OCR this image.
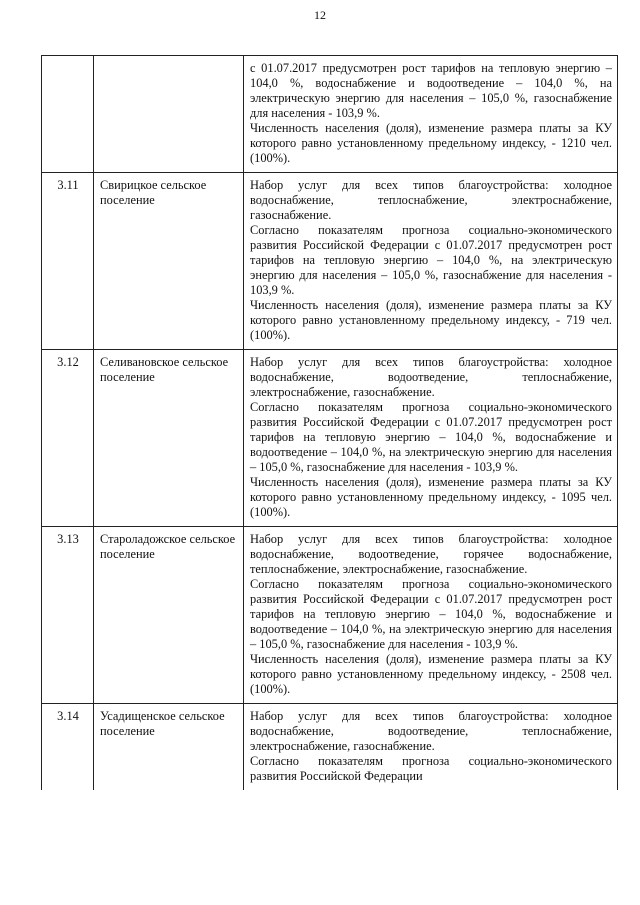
12

		с 01.07.2017 предусмотрен рост тарифов на тепловую энергию – 104,0 %, водоснабжение и водоотведение – 104,0 %, на электрическую энергию для населения – 105,0 %, газоснабжение для населения - 103,9 %.

Численность населения (доля), изменение размера платы за КУ которого равно установленному предельному индексу, - 1210 чел. (100%).

3.11	Свирицкое сельское поселение	Набор услуг для всех типов благоустройства: холодное водоснабжение, теплоснабжение, электроснабжение, газоснабжение.

Согласно показателям прогноза социально-экономического развития Российской Федерации с 01.07.2017 предусмотрен рост тарифов на тепловую энергию – 104,0 %, на электрическую энергию для населения – 105,0 %, газоснабжение для населения - 103,9 %.

Численность населения (доля), изменение размера платы за КУ которого равно установленному предельному индексу, - 719 чел. (100%).

3.12	Селивановское сельское поселение	Набор услуг для всех типов благоустройства: холодное водоснабжение, водоотведение, теплоснабжение, электроснабжение, газоснабжение.

Согласно показателям прогноза социально-экономического развития Российской Федерации с 01.07.2017 предусмотрен рост тарифов на тепловую энергию – 104,0 %, водоснабжение и водоотведение – 104,0 %, на электрическую энергию для населения – 105,0 %, газоснабжение для населения - 103,9 %.

Численность населения (доля), изменение размера платы за КУ которого равно установленному предельному индексу, - 1095 чел. (100%).

3.13	Староладожское сельское поселение	Набор услуг для всех типов благоустройства: холодное водоснабжение, водоотведение, горячее водоснабжение, теплоснабжение, электроснабжение, газоснабжение.

Согласно показателям прогноза социально-экономического развития Российской Федерации с 01.07.2017 предусмотрен рост тарифов на тепловую энергию – 104,0 %, водоснабжение и водоотведение – 104,0 %, на электрическую энергию для населения – 105,0 %, газоснабжение для населения - 103,9 %.

Численность населения (доля), изменение размера платы за КУ которого равно установленному предельному индексу, - 2508 чел. (100%).

3.14	Усадищенское сельское поселение	Набор услуг для всех типов благоустройства: холодное водоснабжение, водоотведение, теплоснабжение, электроснабжение, газоснабжение.

Согласно показателям прогноза социально-экономического развития Российской Федерации
